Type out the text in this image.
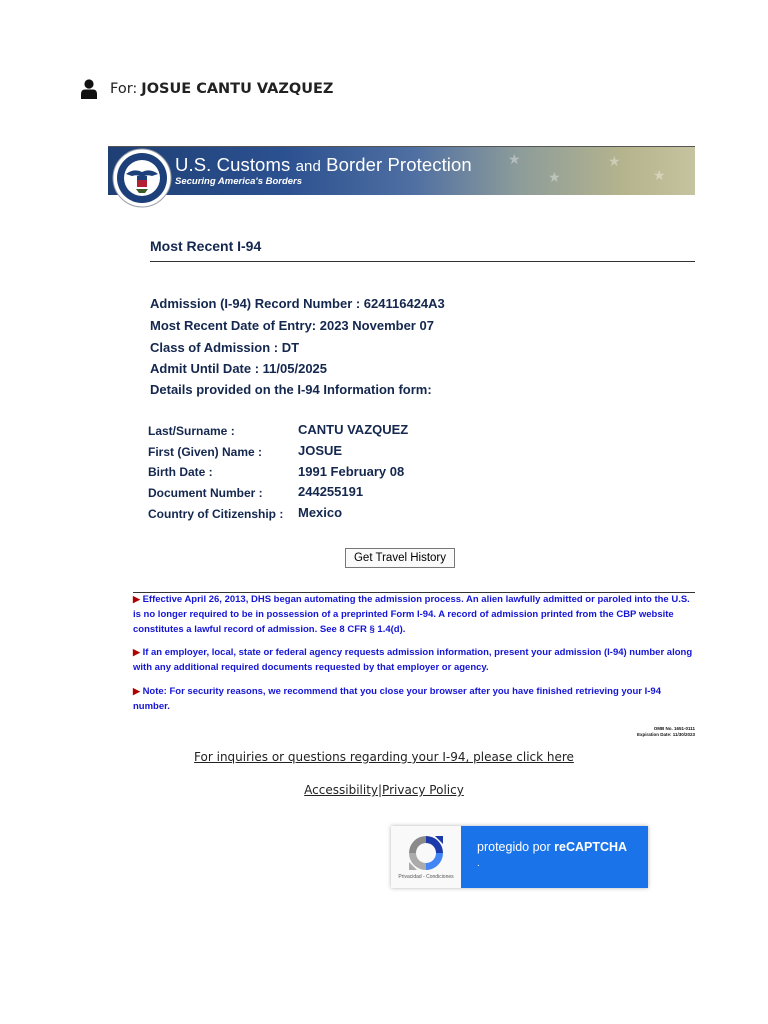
For: JOSUE CANTU VAZQUEZ
★
★
★
★
U.S. Customs and Border Protection
Securing America's Borders
Most Recent I-94
Admission (I-94) Record Number : 624116424A3
Most Recent Date of Entry: 2023 November 07
Class of Admission : DT
Admit Until Date : 11/05/2025
Details provided on the I-94 Information form:
Last/Surname :	CANTU VAZQUEZ
First (Given) Name :	JOSUE
Birth Date :	1991 February 08
Document Number :	244255191
Country of Citizenship : Mexico
Get Travel History
▶ Effective April 26, 2013, DHS began automating the admission process. An alien lawfully admitted or paroled into the U.S. is no longer required to be in possession of a preprinted Form I-94. A record of admission printed from the CBP website constitutes a lawful record of admission. See 8 CFR § 1.4(d).
▶ If an employer, local, state or federal agency requests admission information, present your admission (I-94) number along with any additional required documents requested by that employer or agency.
▶ Note: For security reasons, we recommend that you close your browser after you have finished retrieving your I-94 number.
OMB No. 1651-0111
Expiration Date: 11/30/2023
For inquiries or questions regarding your I-94, please click here
Accessibility|Privacy Policy
Privacidad - Condiciones
protegido por reCAPTCHA
.
